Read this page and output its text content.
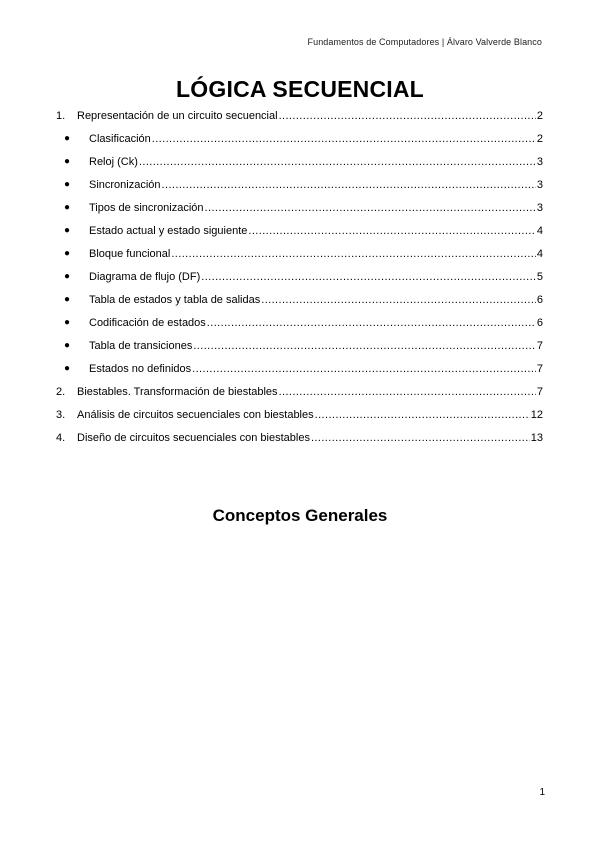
Fundamentos de Computadores | Álvaro Valverde Blanco
LÓGICA SECUENCIAL
1. Representación de un circuito secuencial .....	2
● Clasificación .....	2
● Reloj (Ck) .....	3
● Sincronización .....	3
● Tipos de sincronización .....	3
● Estado actual y estado siguiente .....	4
● Bloque funcional .....	4
● Diagrama de flujo (DF) .....	5
● Tabla de estados y tabla de salidas .....	6
● Codificación de estados .....	6
● Tabla de transiciones .....	7
● Estados no definidos .....	7
2. Biestables. Transformación de biestables .....	7
3. Análisis de circuitos secuenciales con biestables .....	12
4. Diseño de circuitos secuenciales con biestables .....	13
Conceptos Generales
1
